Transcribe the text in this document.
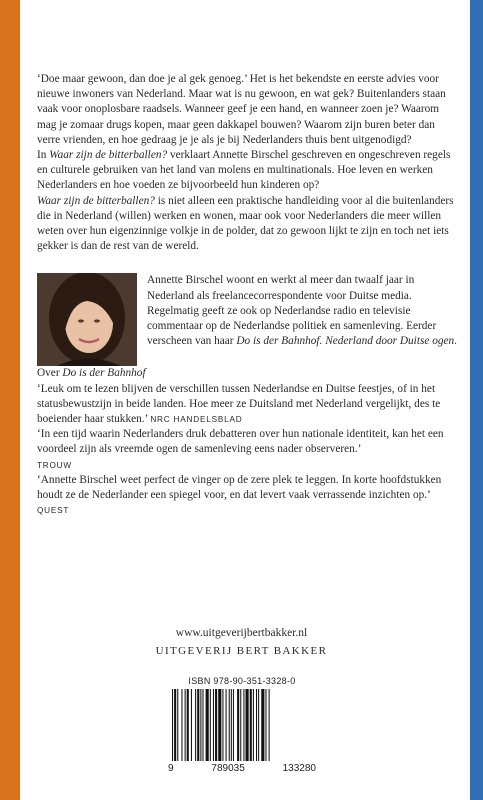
‘Doe maar gewoon, dan doe je al gek genoeg.’ Het is het bekendste en eerste advies voor nieuwe inwoners van Nederland. Maar wat is nu gewoon, en wat gek? Buitenlanders staan vaak voor onoplosbare raadsels. Wanneer geef je een hand, en wanneer zoen je? Waarom mag je zomaar drugs kopen, maar geen dakkapel bouwen? Waarom zijn buren beter dan verre vrienden, en hoe gedraag je je als je bij Nederlanders thuis bent uitgenodigd?

In Waar zijn de bitterballen? verklaart Annette Birschel geschreven en ongeschreven regels en culturele gebruiken van het land van molens en multinationals. Hoe leven en werken Nederlanders en hoe voeden ze bijvoorbeeld hun kinderen op?

Waar zijn de bitterballen? is niet alleen een praktische handleiding voor al die buitenlanders die in Nederland (willen) werken en wonen, maar ook voor Nederlanders die meer willen weten over hun eigenzinnige volkje in de polder, dat zo gewoon lijkt te zijn en toch net iets gekker is dan de rest van de wereld.

Annette Birschel woont en werkt al meer dan twaalf jaar in Nederland als freelancecorrespondente voor Duitse media. Regelmatig geeft ze ook op Nederlandse radio en televisie commentaar op de Nederlandse politiek en samenleving. Eerder verscheen van haar Do is der Bahnhof. Nederland door Duitse ogen.

Over Do is der Bahnhof

‘Leuk om te lezen blijven de verschillen tussen Nederlandse en Duitse feestjes, of in het statusbewustzijn in beide landen. Hoe meer ze Duitsland met Nederland vergelijkt, des te boeiender haar stukken.’ NRC HANDELSBLAD

‘In een tijd waarin Nederlanders druk debatteren over hun nationale identiteit, kan het een voordeel zijn als vreemde ogen de samenleving eens nader observeren.’
TROUW

‘Annette Birschel weet perfect de vinger op de zere plek te leggen. In korte hoofdstukken houdt ze de Nederlander een spiegel voor, en dat levert vaak verrassende inzichten op.’ QUEST

www.uitgeverijbertbakker.nl
UITGEVERIJ BERT BAKKER
ISBN 978-90-351-3328-0
9	789035	133280
